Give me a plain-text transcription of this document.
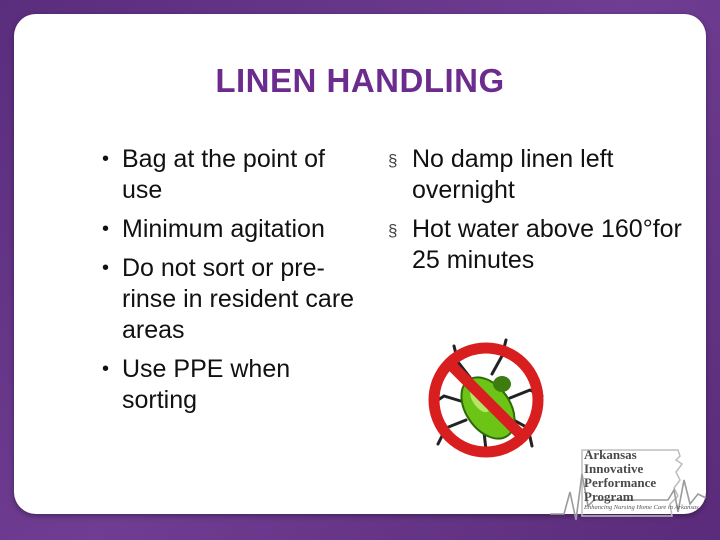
LINEN HANDLING
• Bag at the point of use
• Minimum agitation
• Do not sort or pre-rinse in resident care areas
• Use PPE when sorting
§ No damp linen left overnight
§ Hot water above 160°for 25 minutes
Arkansas
Innovative
Performance
Program
Enhancing Nursing Home Care in Arkansas
